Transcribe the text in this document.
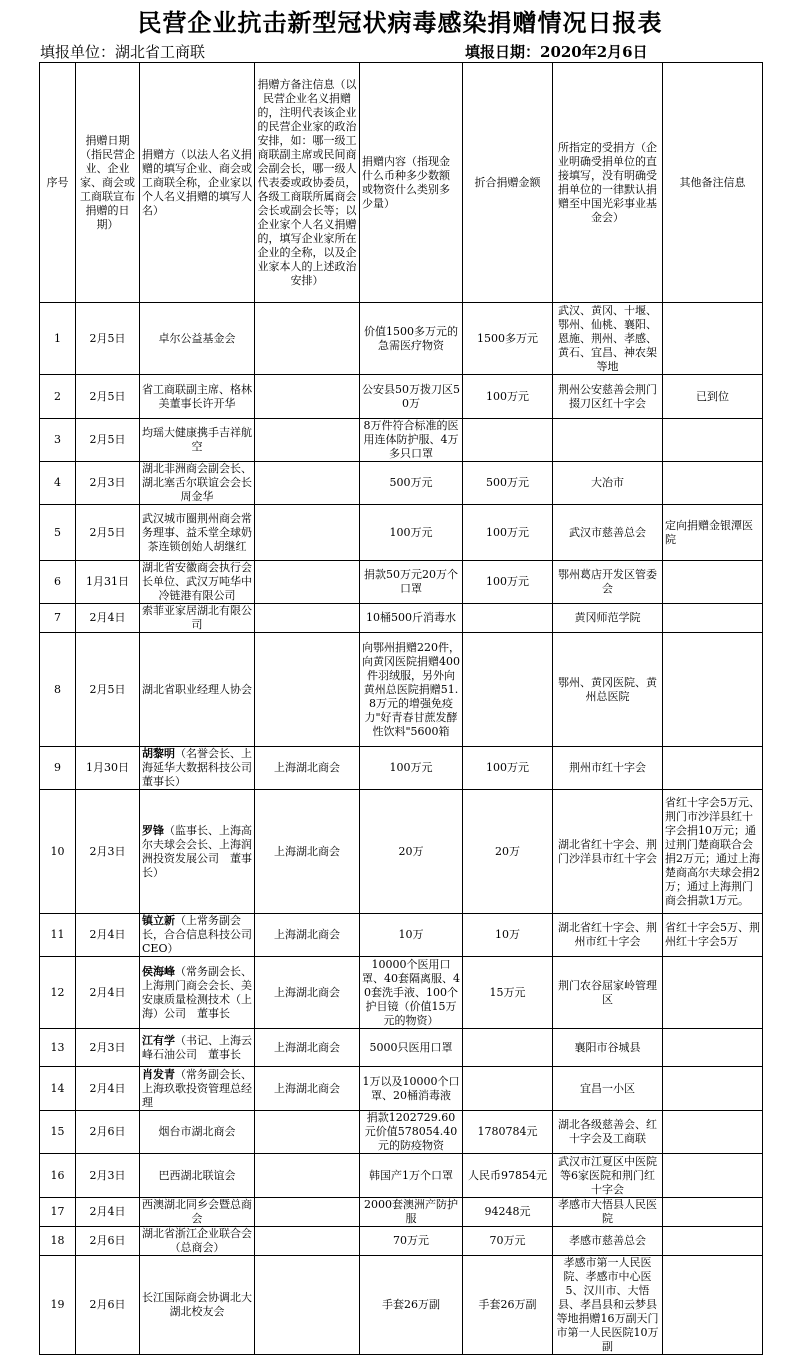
民营企业抗击新型冠状病毒感染捐赠情况日报表
填报单位：湖北省工商联	填报日期：2020年2月6日
序号	捐赠日期（指民营企业、企业家、商会或工商联宣布捐赠的日期）	捐赠方（以法人名义捐赠的填写企业、商会或工商联全称，企业家以个人名义捐赠的填写人名）	捐赠方备注信息（以民营企业名义捐赠的，注明代表该企业的民营企业家的政治安排，如：哪一级工商联副主席或民间商会副会长，哪一级人代表委或政协委员，各级工商联所属商会会长或副会长等；以企业家个人名义捐赠的，填写企业家所在企业的全称，以及企业家本人的上述政治安排）	捐赠内容（指现金什么币种多少数额或物资什么类别多少量）	折合捐赠金额	所指定的受捐方（企业明确受捐单位的直接填写，没有明确受捐单位的一律默认捐赠至中国光彩事业基金会）	其他备注信息
1	2月5日	卓尔公益基金会		价值1500多万元的急需医疗物资	1500多万元	武汉、黄冈、十堰、鄂州、仙桃、襄阳、恩施、荆州、孝感、黄石、宜昌、神农架等地	
2	2月5日	省工商联副主席、格林美董事长许开华		公安县50万拨刀区50万	100万元	荆州公安慈善会荆门掇刀区红十字会	已到位
3	2月5日	均瑶大健康携手吉祥航空		8万件符合标准的医用连体防护服、4万多只口罩			
4	2月3日	湖北非洲商会副会长、湖北塞舌尔联谊会会长周金华		500万元	500万元	大冶市	
5	2月5日	武汉城市圈荆州商会常务理事、益禾堂全球奶茶连锁创始人胡继红		100万元	100万元	武汉市慈善总会	定向捐赠金银潭医院
6	1月31日	湖北省安徽商会执行会长单位、武汉万吨华中冷链港有限公司		捐款50万元20万个口罩	100万元	鄂州葛店开发区管委会	
7	2月4日	索菲亚家居湖北有限公司		10桶500斤消毒水		黄冈师范学院	
8	2月5日	湖北省职业经理人协会		向鄂州捐赠220件，向黄冈医院捐赠400件羽绒服，另外向黄州总医院捐赠51.8万元的增强免疫力"好青春甘蔗发酵性饮料"5600箱		鄂州、黄冈医院、黄州总医院	
9	1月30日	胡黎明（名誉会长、上海延华大数据科技公司　董事长）	上海湖北商会	100万元	100万元	荆州市红十字会	
10	2月3日	罗锋（监事长、上海高尔夫球会会长、上海润洲投资发展公司　董事长）	上海湖北商会	20万	20万	湖北省红十字会、荆门沙洋县市红十字会	省红十字会5万元、荆门市沙洋县红十字会捐10万元；通过荆门楚商联合会捐2万元；通过上海楚商高尔夫球会捐2万；通过上海荆门商会捐款1万元。
11	2月4日	镇立新（上常务副会长，合合信息科技公司CEO）	上海湖北商会	10万	10万	湖北省红十字会、荆州市红十字会	省红十字会5万、荆州红十字会5万
12	2月4日	侯海峰（常务副会长、上海荆门商会会长、美安康质量检测技术（上海）公司　董事长	上海湖北商会	10000个医用口罩、40套隔离服、40套洗手液、100个护目镜（价值15万元的物资）	15万元	荆门农谷屈家岭管理区	
13	2月3日	江有学（书记、上海云峰石油公司　董事长	上海湖北商会	5000只医用口罩		襄阳市谷城县	
14	2月4日	肖发青（常务副会长、上海玖歌投资管理总经理	上海湖北商会	1万以及10000个口罩、20桶消毒液		宜昌一小区	
15	2月6日	烟台市湖北商会		捐款1202729.60元价值578054.40元的防疫物资	1780784元	湖北各级慈善会、红十字会及工商联	
16	2月3日	巴西湖北联谊会		韩国产1万个口罩	人民币97854元	武汉市江夏区中医院等6家医院和荆门红十字会	
17	2月4日	西澳湖北同乡会暨总商会		2000套澳洲产防护服	94248元	孝感市大悟县人民医院	
18	2月6日	湖北省浙江企业联合会（总商会）		70万元	70万元	孝感市慈善总会	
19	2月6日	长江国际商会协调北大湖北校友会		手套26万副	手套26万副	孝感市第一人民医院、孝感市中心医5、汉川市、大悟县、孝昌县和云梦县等地捐赠16万副天门市第一人民医院10万副	
